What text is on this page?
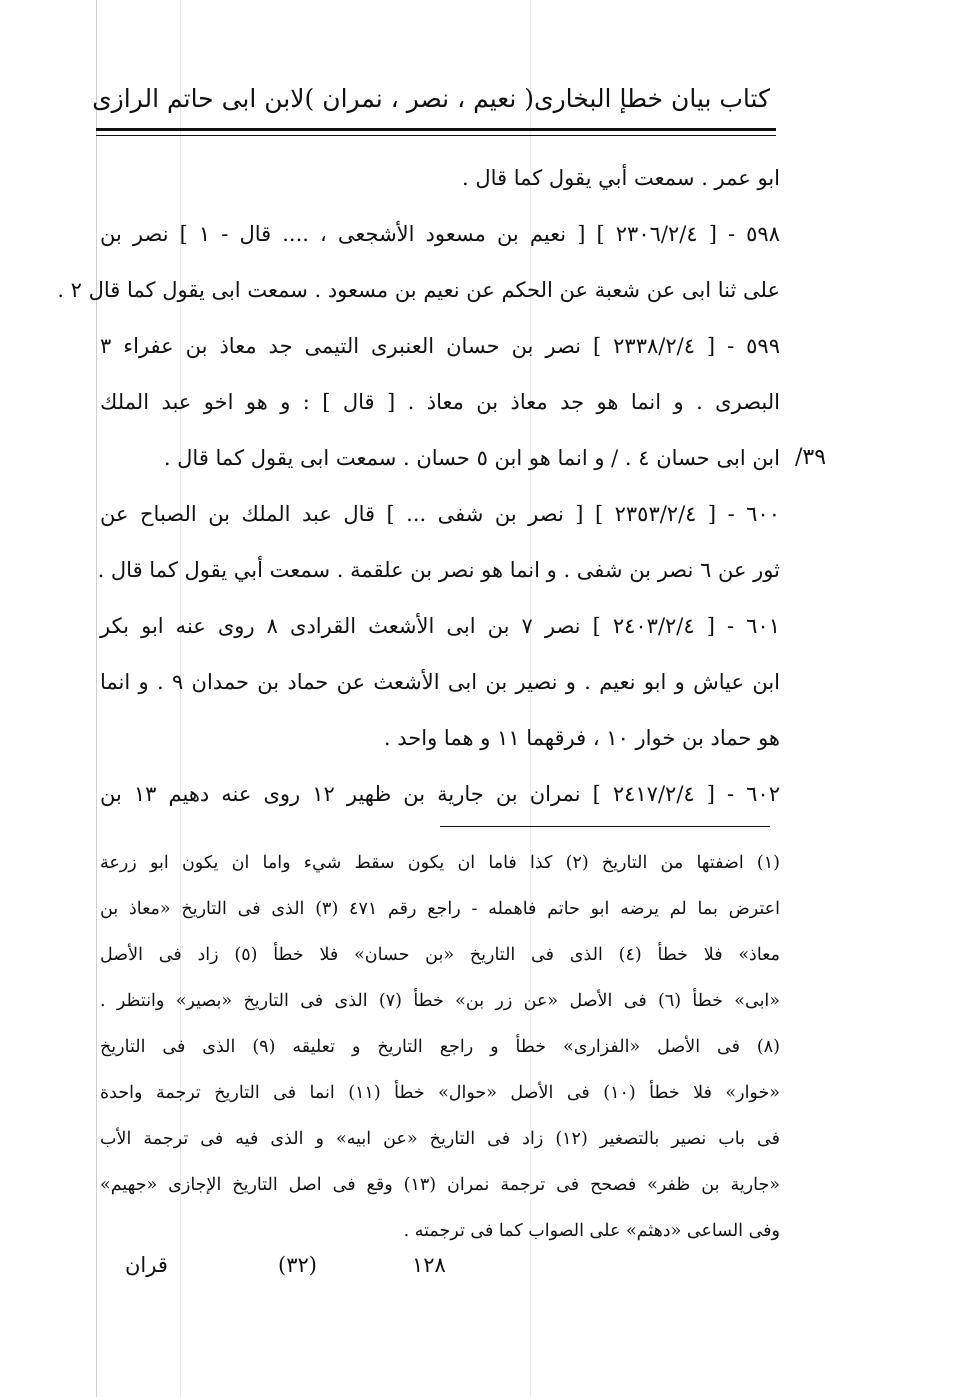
كتاب بيان خطإ البخارى
( نعيم ، نصر ، نمران )
لابن ابى حاتم الرازى
٣٩/
ابو عمر . سمعت أبي يقول كما قال .
٥٩٨ - [ ٢٣٠٦/٢/٤ ] [ نعيم بن مسعود الأشجعى ، .... قال - ١ ] نصر بن
على ثنا ابى عن شعبة عن الحكم عن نعيم بن مسعود . سمعت ابى يقول كما قال ٢ .
٥٩٩ - [ ٢٣٣٨/٢/٤ ] نصر بن حسان العنبرى التيمى جد معاذ بن عفراء ٣
البصرى . و انما هو جد معاذ بن معاذ . [ قال ] : و هو اخو عبد الملك
ابن ابى حسان ٤ . / و انما هو ابن ٥ حسان . سمعت ابى يقول كما قال .
٦٠٠ - [ ٢٣٥٣/٢/٤ ] [ نصر بن شفى ... ] قال عبد الملك بن الصباح عن
ثور عن ٦ نصر بن شفى . و انما هو نصر بن علقمة . سمعت أبي يقول كما قال .
٦٠١ - [ ٢٤٠٣/٢/٤ ] نصر ٧ بن ابى الأشعث القرادى ٨ روى عنه ابو بكر
ابن عياش و ابو نعيم . و نصير بن ابى الأشعث عن حماد بن حمدان ٩ . و انما
هو حماد بن خوار ١٠ ، فرقهما ١١ و هما واحد .
٦٠٢ - [ ٢٤١٧/٢/٤ ] نمران بن جارية بن ظهير ١٢ روى عنه دهيم ١٣ بن
(١) اضفتها من التاريخ (٢) كذا فاما ان يكون سقط شيء واما ان يكون ابو زرعة
اعترض بما لم يرضه ابو حاتم فاهمله - راجع رقم ٤٧١ (٣) الذى فى التاريخ «معاذ بن
معاذ» فلا خطأ (٤) الذى فى التاريخ «بن حسان» فلا خطأ (٥) زاد فى الأصل
«ابى» خطأ (٦) فى الأصل «عن زر بن» خطأ (٧) الذى فى التاريخ «بصير» وانتظر .
(٨) فى الأصل «الفزارى» خطأ و راجع التاريخ و تعليقه (٩) الذى فى التاريخ
«خوار» فلا خطأ (١٠) فى الأصل «حوال» خطأ (١١) انما فى التاريخ ترجمة واحدة
فى باب نصير بالتصغير (١٢) زاد فى التاريخ «عن ابيه» و الذى فيه فى ترجمة الأب
«جارية بن ظفر» فصحح فى ترجمة نمران (١٣) وقع فى اصل التاريخ الإجازى «جهيم»
وفى الساعى «دهثم» على الصواب كما فى ترجمته .
١٢٨
(٣٢)
قران
